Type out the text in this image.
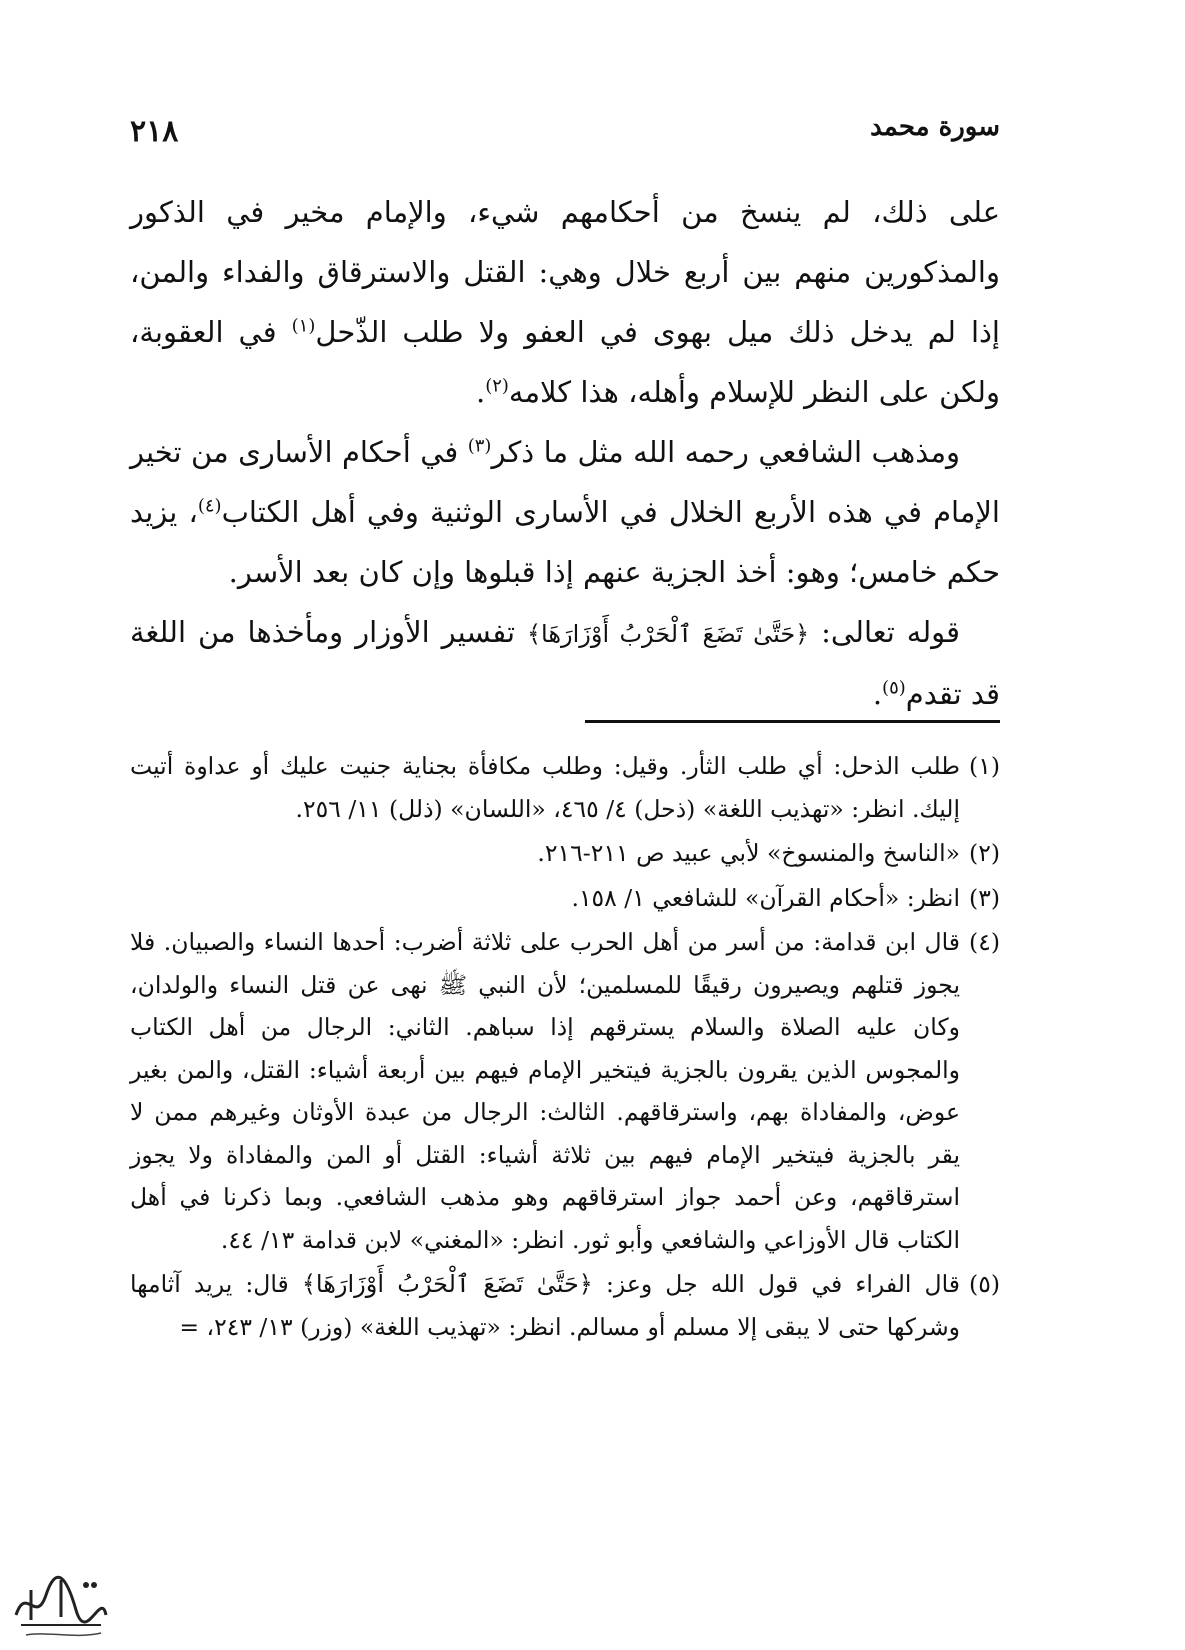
سورة محمد
٢١٨

على ذلك، لم ينسخ من أحكامهم شيء، والإمام مخير في الذكور والمذكورين منهم بين أربع خلال وهي: القتل والاسترقاق والفداء والمن، إذا لم يدخل ذلك ميل بهوى في العفو ولا طلب الذّحل$^{(١)}$ في العقوبة، ولكن على النظر للإسلام وأهله، هذا كلامه$^{(٢)}$.

ومذهب الشافعي رحمه الله مثل ما ذكر$^{(٣)}$ في أحكام الأسارى من تخير الإمام في هذه الأربع الخلال في الأسارى الوثنية وفي أهل الكتاب$^{(٤)}$، يزيد حكم خامس؛ وهو: أخذ الجزية عنهم إذا قبلوها وإن كان بعد الأسر.

قوله تعالى: ﴿حَتَّىٰ تَضَعَ ٱلْحَرْبُ أَوْزَارَهَا﴾ تفسير الأوزار ومأخذها من اللغة قد تقدم$^{(٥)}$.

(١)طلب الذحل: أي طلب الثأر. وقيل: وطلب مكافأة بجناية جنيت عليك أو عداوة أتيت إليك. انظر: «تهذيب اللغة» (ذحل) ٤/ ٤٦٥، «اللسان» (ذلل) ١١/ ٢٥٦.

(٢)«الناسخ والمنسوخ» لأبي عبيد ص ٢١١-٢١٦.

(٣)انظر: «أحكام القرآن» للشافعي ١/ ١٥٨.

(٤)قال ابن قدامة: من أسر من أهل الحرب على ثلاثة أضرب: أحدها النساء والصبيان. فلا يجوز قتلهم ويصيرون رقيقًا للمسلمين؛ لأن النبي ﷺ نهى عن قتل النساء والولدان، وكان عليه الصلاة والسلام يسترقهم إذا سباهم. الثاني: الرجال من أهل الكتاب والمجوس الذين يقرون بالجزية فيتخير الإمام فيهم بين أربعة أشياء: القتل، والمن بغير عوض، والمفاداة بهم، واسترقاقهم. الثالث: الرجال من عبدة الأوثان وغيرهم ممن لا يقر بالجزية فيتخير الإمام فيهم بين ثلاثة أشياء: القتل أو المن والمفاداة ولا يجوز استرقاقهم، وعن أحمد جواز استرقاقهم وهو مذهب الشافعي. وبما ذكرنا في أهل الكتاب قال الأوزاعي والشافعي وأبو ثور. انظر: «المغني» لابن قدامة ١٣/ ٤٤.

(٥)قال الفراء في قول الله جل وعز: ﴿حَتَّىٰ تَضَعَ ٱلْحَرْبُ أَوْزَارَهَا﴾ قال: يريد آثامها وشركها حتى لا يبقى إلا مسلم أو مسالم. انظر: «تهذيب اللغة» (وزر) ١٣/ ٢٤٣، =
